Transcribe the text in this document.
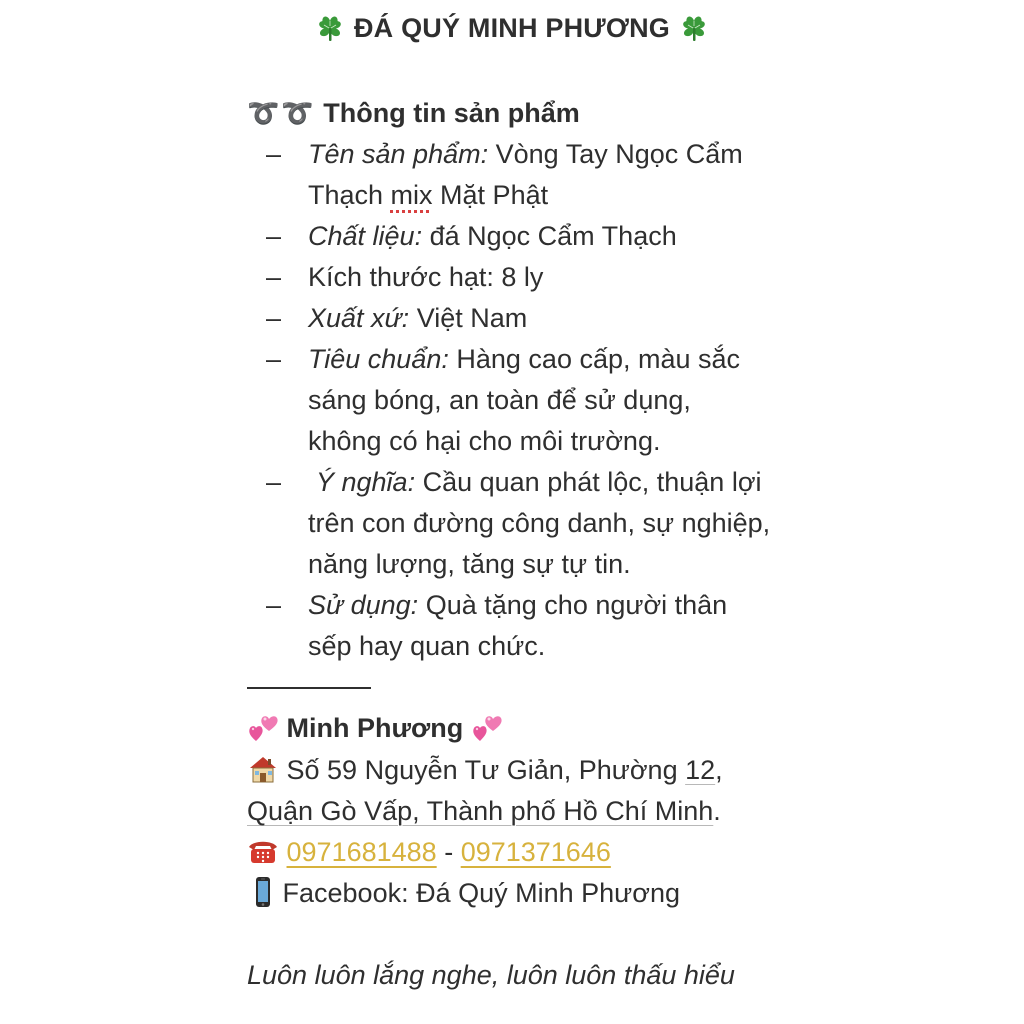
ĐÁ QUÝ MINH PHƯƠNG
➰➰ Thông tin sản phẩm
– Tên sản phẩm: Vòng Tay Ngọc Cẩm
Thạch mix Mặt Phật
– Chất liệu: đá Ngọc Cẩm Thạch
– Kích thước hạt: 8 ly
– Xuất xứ: Việt Nam
– Tiêu chuẩn: Hàng cao cấp, màu sắc
sáng bóng, an toàn để sử dụng,
không có hại cho môi trường.
– Ý nghĩa: Cầu quan phát lộc, thuận lợi
trên con đường công danh, sự nghiệp,
năng lượng, tăng sự tự tin.
– Sử dụng: Quà tặng cho người thân
sếp hay quan chức.
Minh Phương
Số 59 Nguyễn Tư Giản, Phường 12,
Quận Gò Vấp, Thành phố Hồ Chí Minh.
0971681488 - 0971371646
Facebook: Đá Quý Minh Phương
Luôn luôn lắng nghe, luôn luôn thấu hiểu
